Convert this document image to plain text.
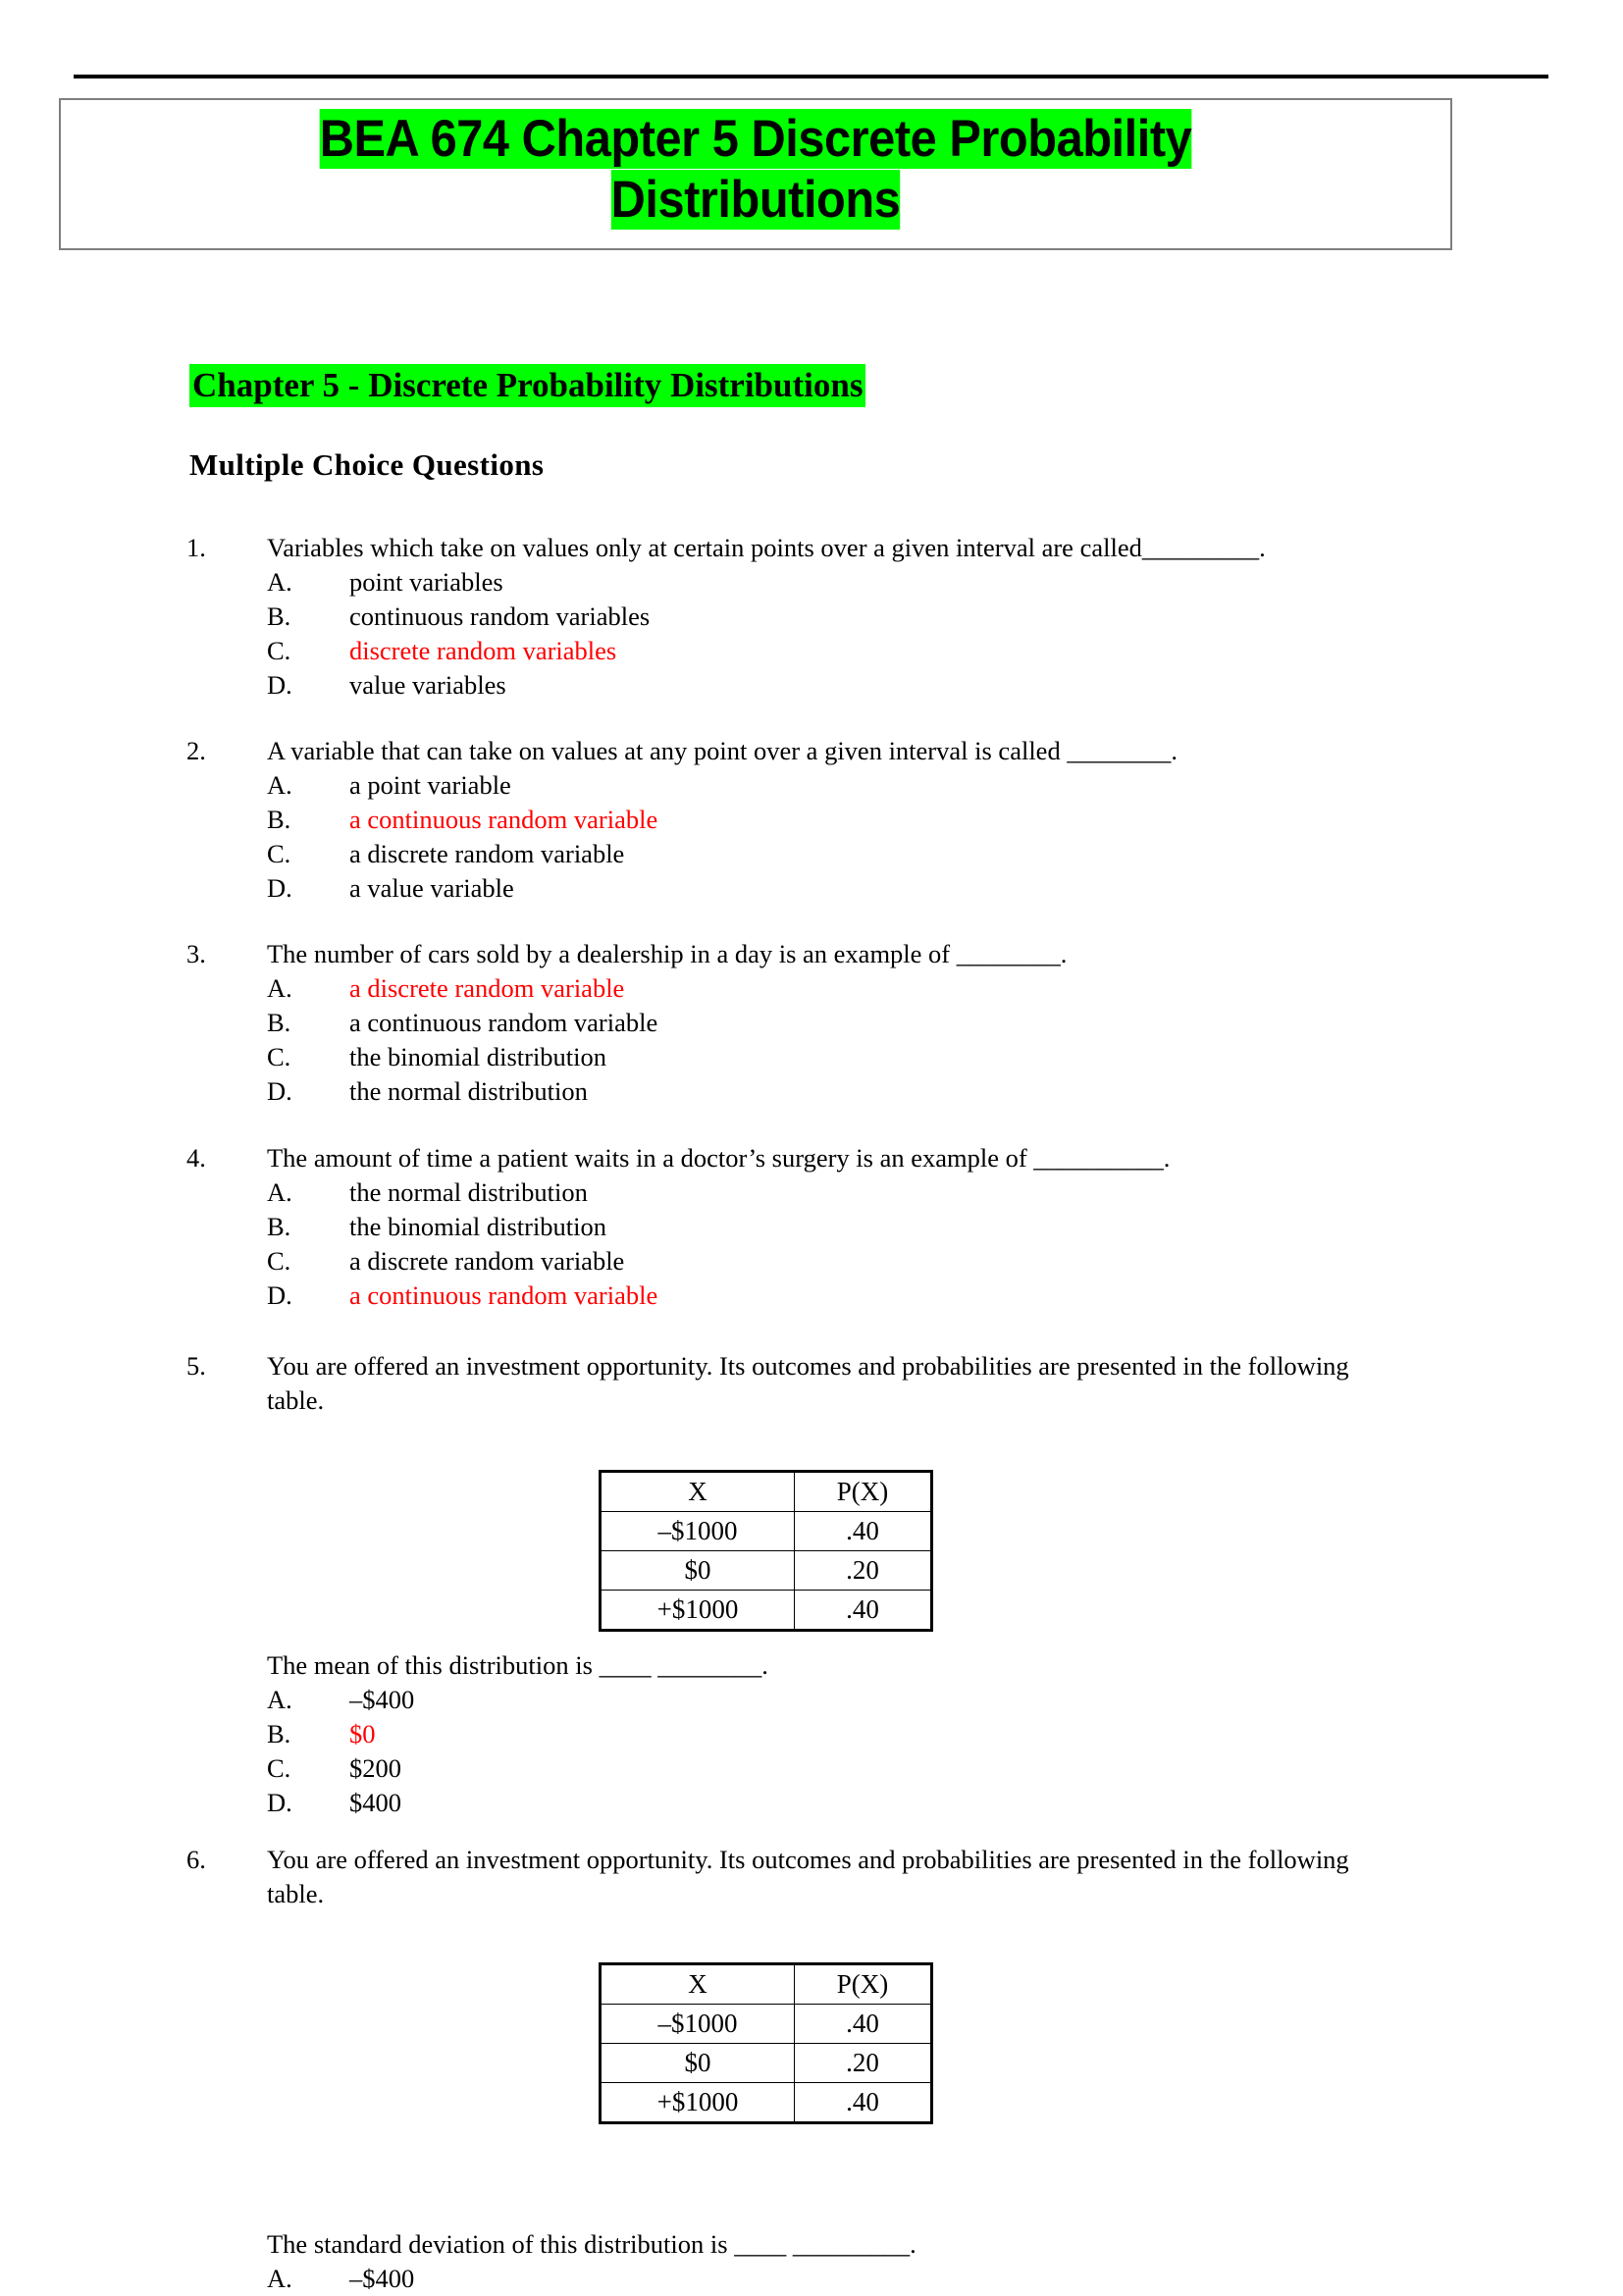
BEA 674 Chapter 5 Discrete Probability
Distributions
Chapter 5 - Discrete Probability Distributions
Multiple Choice Questions
1.	Variables which take on values only at certain points over a given interval are called_________.
A.	point variables
B.	continuous random variables
C.	discrete random variables
D.	value variables
2.	A variable that can take on values at any point over a given interval is called ________.
A.	a point variable
B.	a continuous random variable
C.	a discrete random variable
D.	a value variable
3.	The number of cars sold by a dealership in a day is an example of ________.
A.	a discrete random variable
B.	a continuous random variable
C.	the binomial distribution
D.	the normal distribution
4.	The amount of time a patient waits in a doctor’s surgery is an example of __________.
A.	the normal distribution
B.	the binomial distribution
C.	a discrete random variable
D.	a continuous random variable
5.	You are offered an investment opportunity. Its outcomes and probabilities are presented in the following table.
X	P(X)
–$1000	.40
$0	.20
+$1000	.40
The mean of this distribution is ____ ________.
A.	–$400
B.	$0
C.	$200
D.	$400
6.	You are offered an investment opportunity. Its outcomes and probabilities are presented in the following table.
X	P(X)
–$1000	.40
$0	.20
+$1000	.40
The standard deviation of this distribution is ____ _________.
A.	–$400
